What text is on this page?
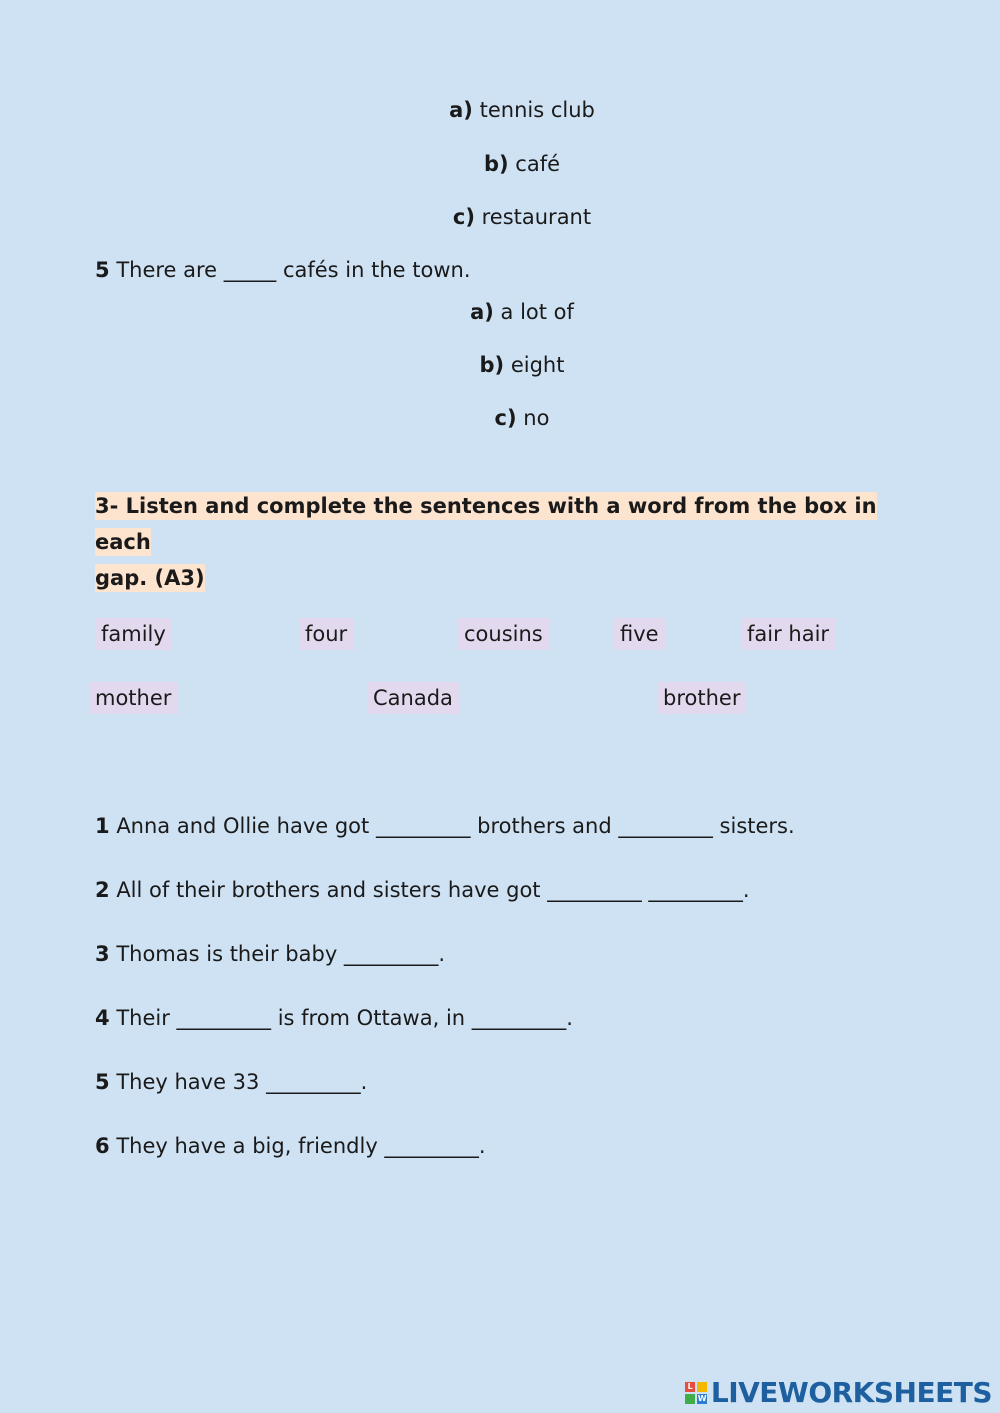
a) tennis club
b) café
c) restaurant
5 There are _____ cafés in the town.
a) a lot of
b) eight
c) no
3- Listen and complete the sentences with a word from the box in each
gap. (A3)
family	four	cousins	five	fair hair
mother	Canada	brother
1 Anna and Ollie have got _________ brothers and _________ sisters.
2 All of their brothers and sisters have got _________ _________.
3 Thomas is their baby _________.
4 Their _________ is from Ottawa, in _________.
5 They have 33 _________.
6 They have a big, friendly _________.
L
W LIVEWORKSHEETS
